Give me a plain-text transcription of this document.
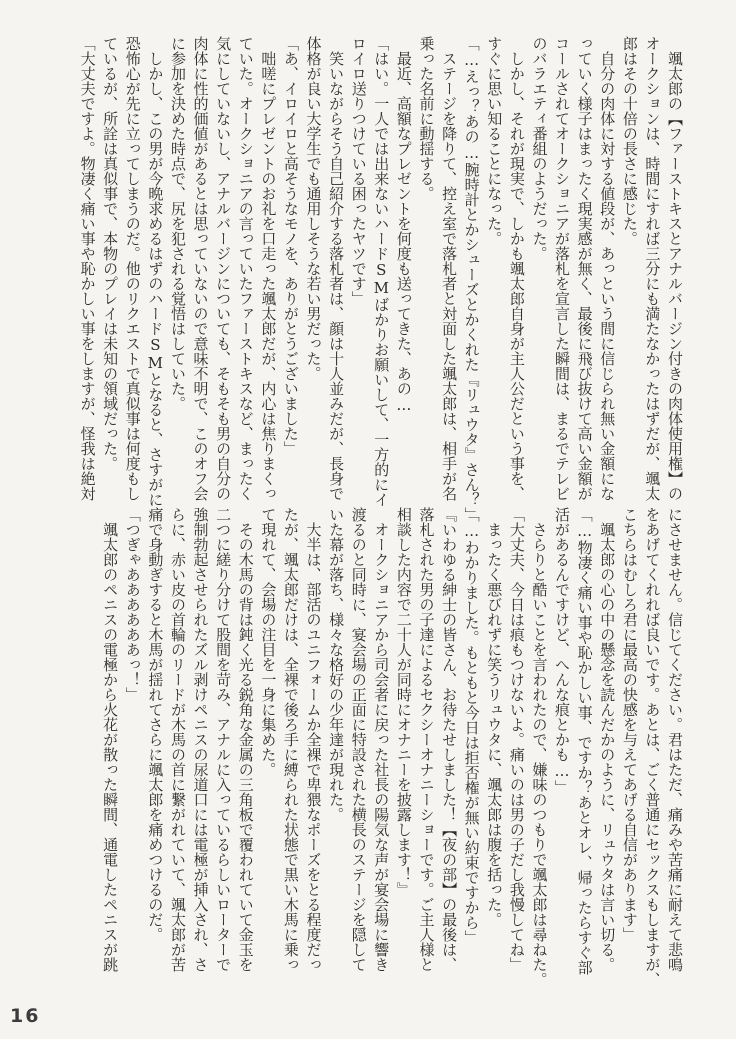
　颯太郎の【ファーストキスとアナルバージン付きの肉体使用権】の
オークションは、時間にすれば三分にも満たなかったはずだが、颯太
郎はその十倍の長さに感じた。
　自分の肉体に対する値段が、あっという間に信じられ無い金額にな
っていく様子はまったく現実感が無く、最後に飛び抜けて高い金額が
コールされてオークショニアが落札を宣言した瞬間は、まるでテレビ
のバラエティ番組のようだった。
　しかし、それが現実で、しかも颯太郎自身が主人公だという事を、
すぐに思い知ることになった。
「…えっ？あの…腕時計とかシューズとかくれた『リュウタ』さん？」
　ステージを降りて、控え室で落札者と対面した颯太郎は、相手が名
乗った名前に動揺する。
　最近、高額なプレゼントを何度も送ってきた、あの…
「はい。一人では出来ないハードSMばかりお願いして、一方的にイ
ロイロ送りつけている困ったヤツです」
　笑いながらそう自己紹介する落札者は、顔は十人並みだが、長身で
体格が良い大学生でも通用しそうな若い男だった。
「あ、イロイロと高そうなモノを、ありがとうございました」
　咄嗟にプレゼントのお礼を口走った颯太郎だが、内心は焦りまくっ
ていた。オークショニアの言っていたファーストキスなど、まったく
気にしていないし、アナルバージンについても、そもそも男の自分の
肉体に性的価値があるとは思っていないので意味不明で、このオフ会
に参加を決めた時点で、尻を犯される覚悟はしていた。
　しかし、この男が今晩求めるはずのハードSMとなると、さすがに
恐怖心が先に立ってしまうのだ。他のリクエストで真似事は何度もし
ているが、所詮は真似事で、本物のプレイは未知の領域だった。
「大丈夫ですよ。物凄く痛い事や恥かしい事をしますが、怪我は絶対
にさせません。信じてください。君はただ、痛みや苦痛に耐えて悲鳴
をあげてくれれば良いです。あとは、ごく普通にセックスもしますが、
こちらはむしろ君に最高の快感を与えてあげる自信があります」
　颯太郎の心の中の懸念を読んだかのように、リュウタは言い切る。
「…物凄く痛い事や恥かしい事、ですか？あとオレ、帰ったらすぐ部
活があるんですけど、へんな痕とかも…」
　さらりと酷いことを言われたので、嫌味のつもりで颯太郎は尋ねた。
「大丈夫、今日は痕もつけないよ。痛いのは男の子だし我慢してね」
　まったく悪びれずに笑うリュウタに、颯太郎は腹を括った。
「…わかりました。もともと今日は拒否権が無い約束ですから」
『いわゆる紳士の皆さん、お待たせしました！【夜の部】の最後は、
落札された男の子達によるセクシーオナニーショーです。ご主人様と
相談した内容で二十人が同時にオナニーを披露します！』
　オークショニアから司会者に戻った社長の陽気な声が宴会場に響き
渡るのと同時に、宴会場の正面に特設された横長のステージを隠して
いた幕が落ち、様々な格好の少年達が現れた。
　大半は、部活のユニフォームか全裸で卑猥なポーズをとる程度だっ
たが、颯太郎だけは、全裸で後ろ手に縛られた状態で黒い木馬に乗っ
て現れて、会場の注目を一身に集めた。
　その木馬の背は鈍く光る鋭角な金属の三角板で覆われていて金玉を
二つに縒り分けて股間を苛み、アナルに入っているらしいローターで
強制勃起させられたズル剥けペニスの尿道口には電極が挿入され、さ
らに、赤い皮の首輪のリードが木馬の首に繋がれていて、颯太郎が苦
痛で身動ぎすると木馬が揺れてさらに颯太郎を痛めつけるのだ。
「つぎゃああああああっ！」
　颯太郎のペニスの電極から火花が散った瞬間、通電したペニスが跳
16
